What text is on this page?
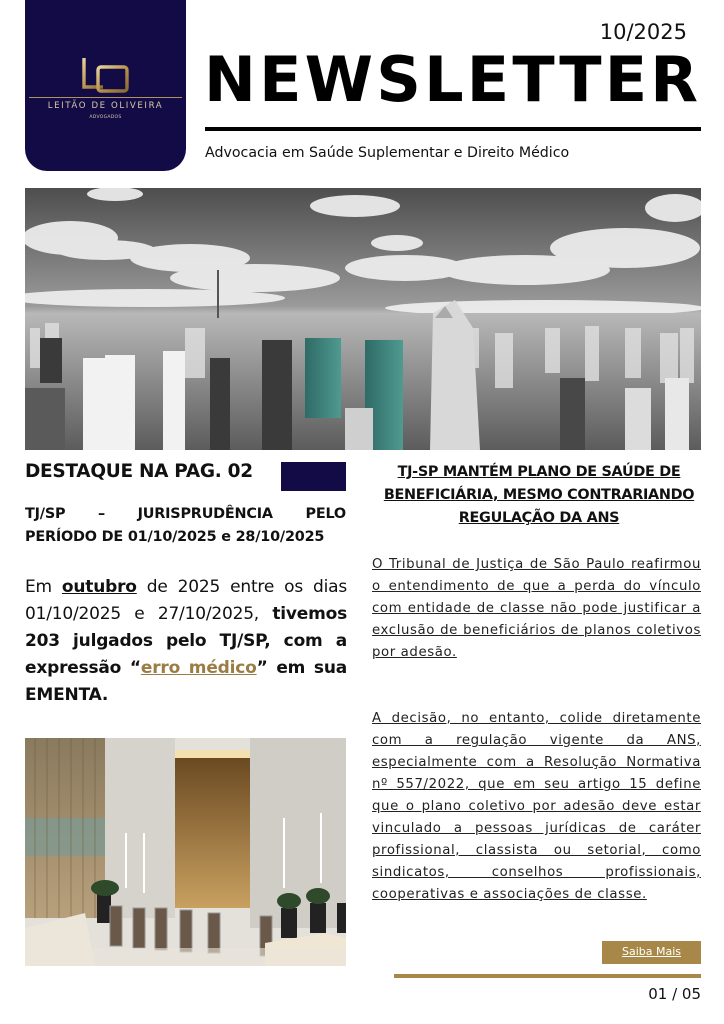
LEITÃO DE OLIVEIRA
ADVOGADOS
10/2025
NEWSLETTER
Advocacia em Saúde Suplementar e Direito Médico
DESTAQUE NA PAG. 02
TJ/SP – JURISPRUDÊNCIA PELO
PERÍODO DE 01/10/2025 e 28/10/2025
Em outubro de 2025 entre os dias 01/10/2025 e 27/10/2025, tivemos 203 julgados pelo TJ/SP, com a expressão “erro médico” em sua EMENTA.
TJ-SP MANTÉM PLANO DE SAÚDE DE BENEFICIÁRIA, MESMO CONTRARIANDO REGULAÇÃO DA ANS
O Tribunal de Justiça de São Paulo reafirmou o entendimento de que a perda do vínculo com entidade de classe não pode justificar a exclusão de beneficiários de planos coletivos por adesão.
A decisão, no entanto, colide diretamente com a regulação vigente da ANS, especialmente com a Resolução Normativa nº 557/2022, que em seu artigo 15 define que o plano coletivo por adesão deve estar vinculado a pessoas jurídicas de caráter profissional, classista ou setorial, como sindicatos, conselhos profissionais, cooperativas e associações de classe.
Saiba Mais
01 / 05
